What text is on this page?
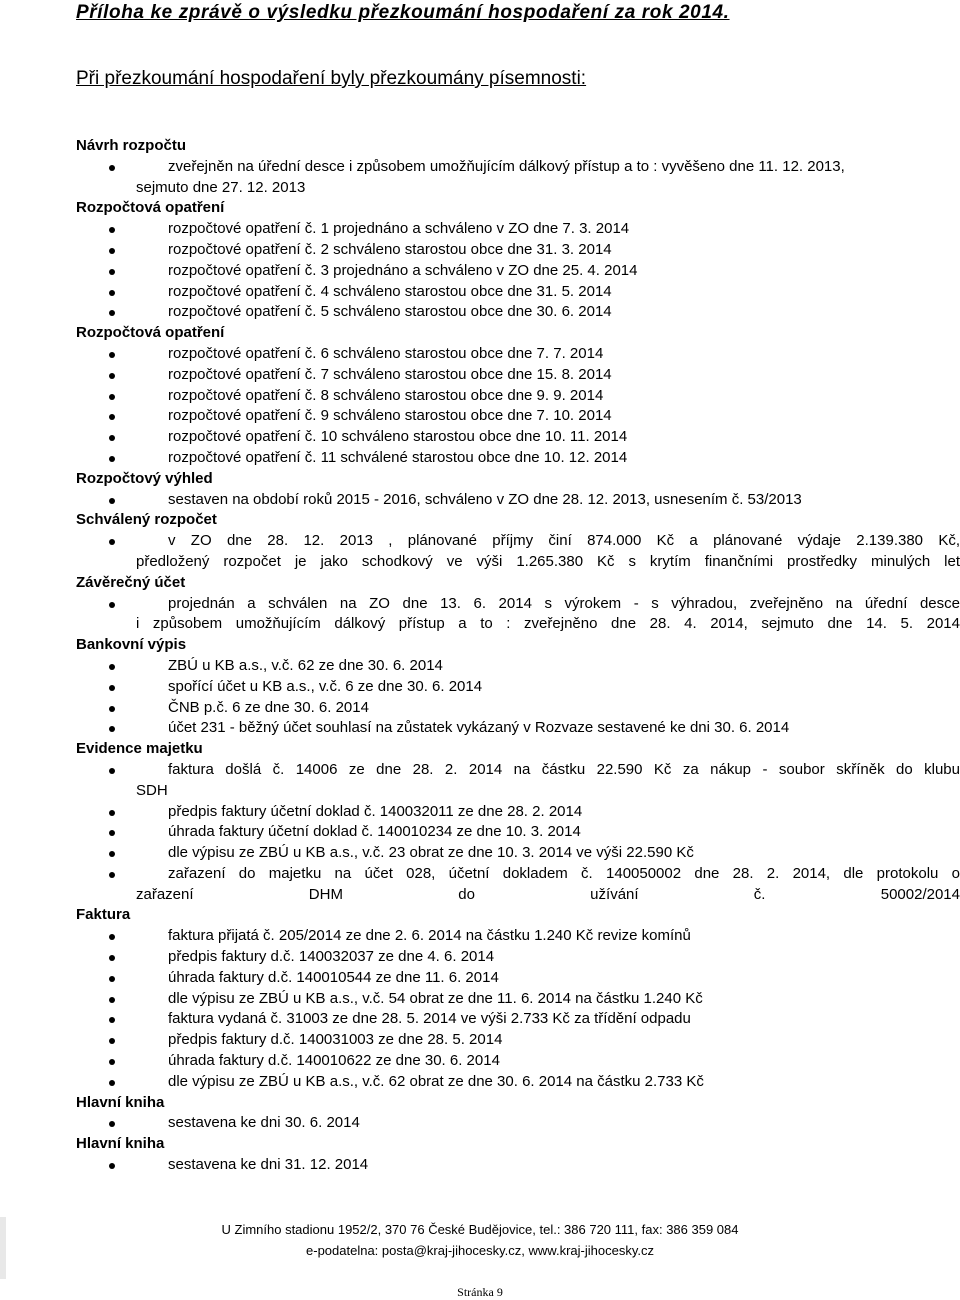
Příloha ke zprávě o výsledku přezkoumání hospodaření za rok 2014.
Při přezkoumání hospodaření byly přezkoumány písemnosti:
Návrh rozpočtu
zveřejněn na úřední desce i způsobem umožňujícím dálkový přístup a to : vyvěšeno dne 11. 12. 2013,
sejmuto dne 27. 12. 2013
Rozpočtová opatření
rozpočtové opatření č. 1 projednáno a schváleno v ZO dne 7. 3. 2014
rozpočtové opatření č. 2 schváleno starostou obce dne 31. 3. 2014
rozpočtové opatření č. 3 projednáno a schváleno v ZO dne 25. 4. 2014
rozpočtové opatření č. 4 schváleno starostou obce dne 31. 5. 2014
rozpočtové opatření č. 5 schváleno starostou obce dne 30. 6. 2014
Rozpočtová opatření
rozpočtové opatření č. 6 schváleno starostou obce dne 7. 7. 2014
rozpočtové opatření č. 7 schváleno starostou obce dne 15. 8. 2014
rozpočtové opatření č. 8 schváleno starostou obce dne 9. 9. 2014
rozpočtové opatření č. 9 schváleno starostou obce dne 7. 10. 2014
rozpočtové opatření č. 10 schváleno starostou obce dne 10. 11. 2014
rozpočtové opatření č. 11 schválené starostou obce dne 10. 12. 2014
Rozpočtový výhled
sestaven na období roků 2015 - 2016, schváleno v ZO dne 28. 12. 2013, usnesením č. 53/2013
Schválený rozpočet
v ZO dne 28. 12. 2013 , plánované příjmy činí 874.000 Kč a plánované výdaje 2.139.380 Kč,
předložený rozpočet je jako schodkový ve výši 1.265.380 Kč s krytím finančními prostředky minulých let
Závěrečný účet
projednán a schválen na ZO dne 13. 6. 2014 s výrokem - s výhradou, zveřejněno na úřední desce
i způsobem umožňujícím dálkový přístup a to : zveřejněno dne 28. 4. 2014, sejmuto dne 14. 5. 2014
Bankovní výpis
ZBÚ u KB a.s., v.č. 62 ze dne 30. 6. 2014
spořící účet u KB a.s., v.č. 6 ze dne 30. 6. 2014
ČNB p.č. 6 ze dne 30. 6. 2014
účet 231 - běžný účet souhlasí na zůstatek vykázaný v Rozvaze sestavené ke dni 30. 6. 2014
Evidence majetku
faktura došlá č. 14006 ze dne 28. 2. 2014 na částku 22.590 Kč za nákup - soubor skříněk do klubu
SDH
předpis faktury účetní doklad č. 140032011 ze dne 28. 2. 2014
úhrada faktury účetní doklad č. 140010234 ze dne 10. 3. 2014
dle výpisu ze ZBÚ u KB a.s., v.č. 23 obrat ze dne 10. 3. 2014 ve výši 22.590 Kč
zařazení do majetku na účet 028, účetní dokladem č. 140050002 dne 28. 2. 2014, dle protokolu o
zařazení DHM do užívání č. 50002/2014
Faktura
faktura přijatá č. 205/2014 ze dne 2. 6. 2014 na částku 1.240 Kč revize komínů
předpis faktury d.č. 140032037 ze dne 4. 6. 2014
úhrada faktury d.č. 140010544 ze dne 11. 6. 2014
dle výpisu ze ZBÚ u KB a.s., v.č. 54 obrat ze dne 11. 6. 2014 na částku 1.240 Kč
faktura vydaná č. 31003 ze dne 28. 5. 2014 ve výši 2.733 Kč za třídění odpadu
předpis faktury d.č. 140031003 ze dne 28. 5. 2014
úhrada faktury d.č. 140010622 ze dne 30. 6. 2014
dle výpisu ze ZBÚ u KB a.s., v.č. 62 obrat ze dne 30. 6. 2014 na částku 2.733 Kč
Hlavní kniha
sestavena ke dni 30. 6. 2014
Hlavní kniha
sestavena ke dni 31. 12. 2014
U Zimního stadionu 1952/2, 370 76 České Budějovice, tel.: 386 720 111, fax: 386 359 084
e-podatelna: posta@kraj-jihocesky.cz, www.kraj-jihocesky.cz
Stránka 9
